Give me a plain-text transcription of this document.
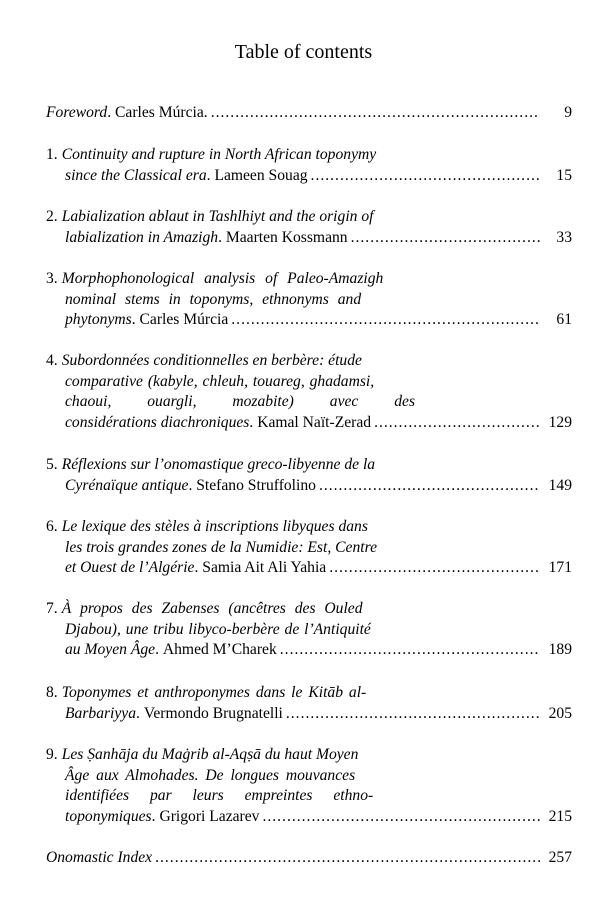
Table of contents
Foreword .
Carles Múrcia. .....	9
1. Continuity and rupture in North African toponymy
since the Classical era .
Lameen Souag .....	15
2. Labialization ablaut in Tashlhiyt and the origin of
labialization in Amazigh .
Maarten Kossmann .....	33
3. Morphophonological analysis of Paleo-Amazigh
nominal stems in toponyms, ethnonyms and
phytonyms .
Carles Múrcia .....	61
4. Subordonnées conditionnelles en berbère: étude
comparative (kabyle, chleuh, touareg, ghadamsi,
chaoui, ouargli, mozabite) avec des
considérations diachroniques .
Kamal Naït-Zerad .....	129
5. Réflexions sur l’onomastique greco-libyenne de la
Cyrénaïque antique .
Stefano Struffolino .....	149
6. Le lexique des stèles à inscriptions libyques dans
les trois grandes zones de la Numidie: Est, Centre
et Ouest de l’Algérie .
Samia Ait Ali Yahia .....	171
7. À propos des Zabenses (ancêtres des Ouled
Djabou), une tribu libyco-berbère de l’Antiquité
au Moyen Âge .
Ahmed M’Charek .....	189
8. Toponymes et anthroponymes dans le Kitāb al-
Barbariyya .
Vermondo Brugnatelli .....	205
9. Les Ṣanhāja du Maġrib al-Aqṣā du haut Moyen
Âge aux Almohades. De longues mouvances
identifiées par leurs empreintes ethno-
toponymiques .
Grigori Lazarev .....	215
Onomastic Index .....	257
